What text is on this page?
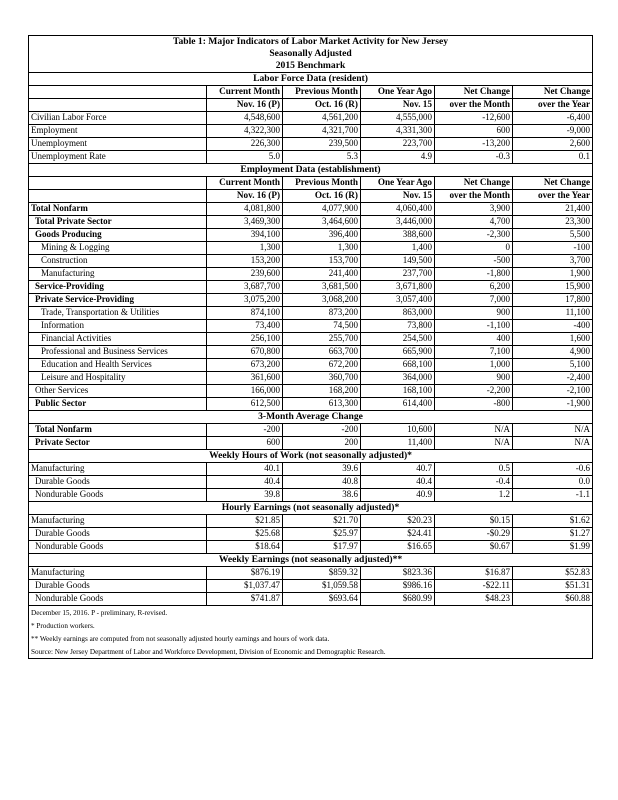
Table 1: Major Indicators of Labor Market Activity for New Jersey					
Seasonally Adjusted					
2015 Benchmark					
Labor Force Data (resident)					
	Current Month	Previous Month	One Year Ago	Net Change	Net Change
	Nov. 16 (P)	Oct. 16 (R)	Nov. 15	over the Month	over the Year
Civilian Labor Force	4,548,600	4,561,200	4,555,000	-12,600	-6,400
Employment	4,322,300	4,321,700	4,331,300	600	-9,000
Unemployment	226,300	239,500	223,700	-13,200	2,600
Unemployment Rate	5.0	5.3	4.9	-0.3	0.1
Employment Data (establishment)					
	Current Month	Previous Month	One Year Ago	Net Change	Net Change
	Nov. 16 (P)	Oct. 16 (R)	Nov. 15	over the Month	over the Year
Total Nonfarm	4,081,800	4,077,900	4,060,400	3,900	21,400
Total Private Sector	3,469,300	3,464,600	3,446,000	4,700	23,300
Goods Producing	394,100	396,400	388,600	-2,300	5,500
Mining & Logging	1,300	1,300	1,400	0	-100
Construction	153,200	153,700	149,500	-500	3,700
Manufacturing	239,600	241,400	237,700	-1,800	1,900
Service-Providing	3,687,700	3,681,500	3,671,800	6,200	15,900
Private Service-Providing	3,075,200	3,068,200	3,057,400	7,000	17,800
Trade, Transportation & Utilities	874,100	873,200	863,000	900	11,100
Information	73,400	74,500	73,800	-1,100	-400
Financial Activities	256,100	255,700	254,500	400	1,600
Professional and Business Services	670,800	663,700	665,900	7,100	4,900
Education and Health Services	673,200	672,200	668,100	1,000	5,100
Leisure and Hospitality	361,600	360,700	364,000	900	-2,400
Other Services	166,000	168,200	168,100	-2,200	-2,100
Public Sector	612,500	613,300	614,400	-800	-1,900
3-Month Average Change					
Total Nonfarm	-200	-200	10,600	N/A	N/A
Private Sector	600	200	11,400	N/A	N/A
Weekly Hours of Work (not seasonally adjusted)*					
Manufacturing	40.1	39.6	40.7	0.5	-0.6
Durable Goods	40.4	40.8	40.4	-0.4	0.0
Nondurable Goods	39.8	38.6	40.9	1.2	-1.1
Hourly Earnings (not seasonally adjusted)*					
Manufacturing	$21.85	$21.70	$20.23	$0.15	$1.62
Durable Goods	$25.68	$25.97	$24.41	-$0.29	$1.27
Nondurable Goods	$18.64	$17.97	$16.65	$0.67	$1.99
Weekly Earnings (not seasonally adjusted)**					
Manufacturing	$876.19	$859.32	$823.36	$16.87	$52.83
Durable Goods	$1,037.47	$1,059.58	$986.16	-$22.11	$51.31
Nondurable Goods	$741.87	$693.64	$680.99	$48.23	$60.88
December 15, 2016. P - preliminary, R-revised.					
* Production workers.					
** Weekly earnings are computed from not seasonally adjusted hourly earnings and hours of work data.					
Source: New Jersey Department of Labor and Workforce Development, Division of Economic and Demographic Research.					
